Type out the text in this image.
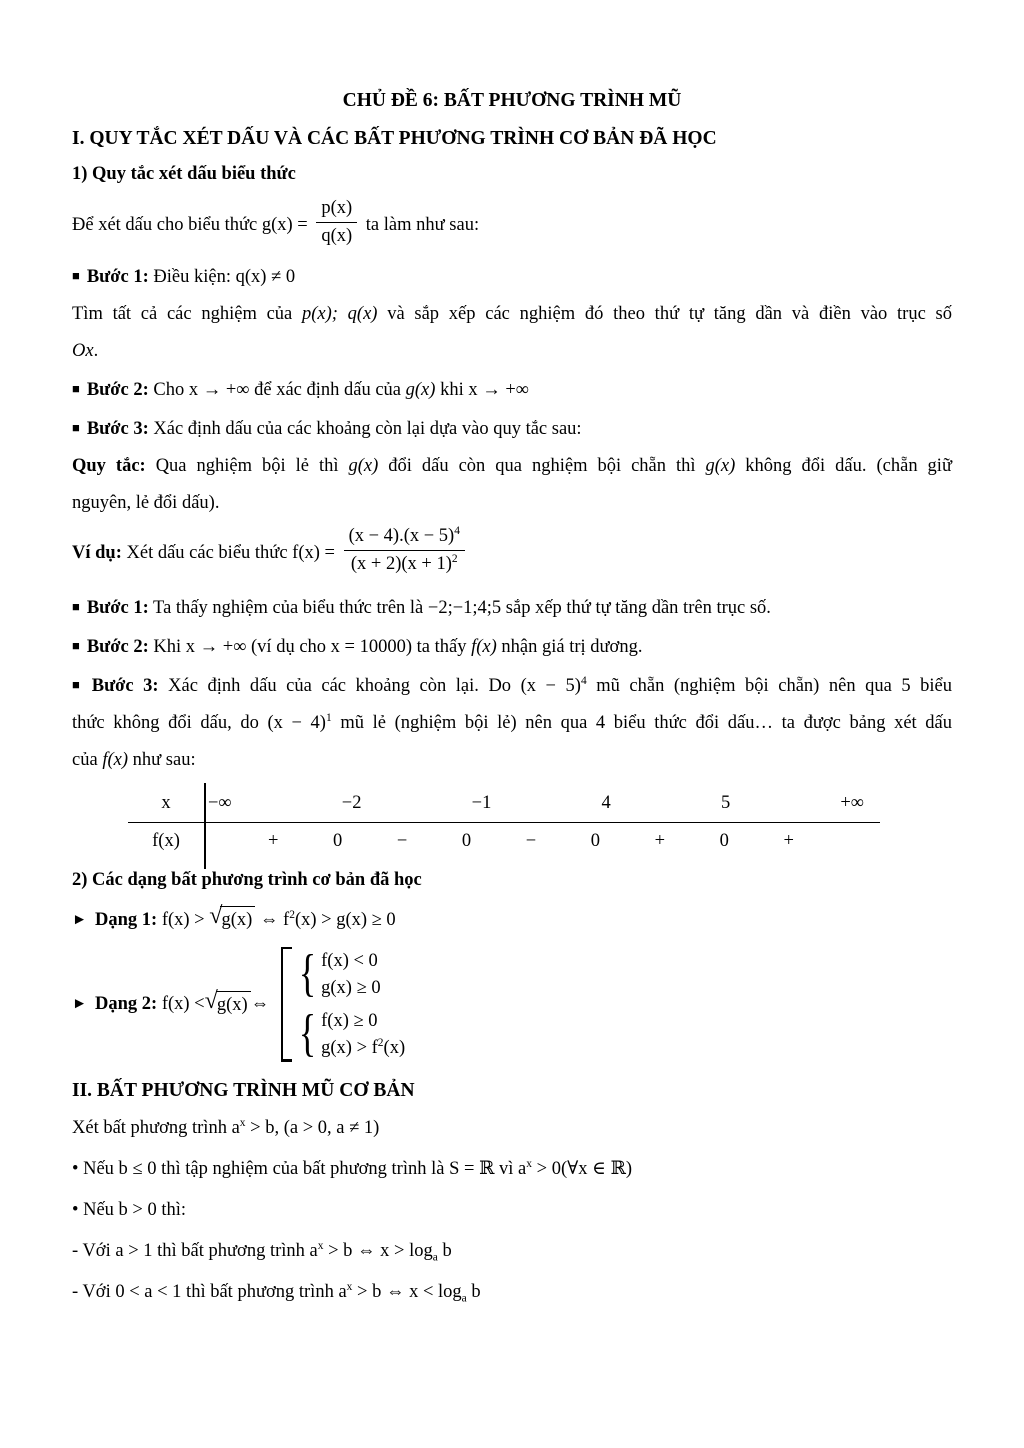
CHỦ ĐỀ 6: BẤT PHƯƠNG TRÌNH MŨ
I. QUY TẮC XÉT DẤU VÀ CÁC BẤT PHƯƠNG TRÌNH CƠ BẢN ĐÃ HỌC
1) Quy tắc xét dấu biểu thức
Để xét dấu cho biểu thức $g(x) = \frac{p(x)}{q(x)}$ ta làm như sau:
■ Bước 1: Điều kiện: q(x) ≠ 0
Tìm tất cả các nghiệm của p(x); q(x) và sắp xếp các nghiệm đó theo thứ tự tăng dần và điền vào trục số
Ox.
■ Bước 2: Cho x → +∞ để xác định dấu của g(x) khi x → +∞
■ Bước 3: Xác định dấu của các khoảng còn lại dựa vào quy tắc sau:
Quy tắc: Qua nghiệm bội lẻ thì g(x) đổi dấu còn qua nghiệm bội chẵn thì g(x) không đổi dấu. (chẵn giữ
nguyên, lẻ đổi dấu).
Ví dụ: Xét dấu các biểu thức $f(x) = \frac{(x - 4).(x - 5)^4}{(x + 2)(x + 1)^2}$
■ Bước 1: Ta thấy nghiệm của biểu thức trên là −2;−1;4;5 sắp xếp thứ tự tăng dần trên trục số.
■ Bước 2: Khi x → +∞ (ví dụ cho x = 10000) ta thấy f(x) nhận giá trị dương.
■ Bước 3: Xác định dấu của các khoảng còn lại. Do $(x - 5)^4$ mũ chẵn (nghiệm bội chẵn) nên qua 5 biểu
thức không đổi dấu, do $(x - 4)^1$ mũ lẻ (nghiệm bội lẻ) nên qua 4 biểu thức đổi dấu… ta được bảng xét dấu
của f(x) như sau:
x	−∞	−2	−1	4	5	+∞
f(x)	+	0	−	0	−	0	+	0	+
2) Các dạng bất phương trình cơ bản đã học
► Dạng 1: f(x) > √ g(x) ⇔ $f^2(x) > g(x) \ge 0$
► Dạng 2: f(x) < √ g(x) ⇔
{ f(x) < 0
g(x) ≥ 0
{ f(x) ≥ 0
$g(x) > f^2(x)$
II. BẤT PHƯƠNG TRÌNH MŨ CƠ BẢN
Xét bất phương trình $a^x > b$, (a > 0, a ≠ 1)
• Nếu b ≤ 0 thì tập nghiệm của bất phương trình là S = ℝ vì $a^x$ > 0(∀x ∈ ℝ)
• Nếu b > 0 thì:
- Với a > 1 thì bất phương trình $a^x > b$ ⇔ $x > \log_a b$
- Với 0 < a < 1 thì bất phương trình $a^x > b$ ⇔ $x < \log_a b$
